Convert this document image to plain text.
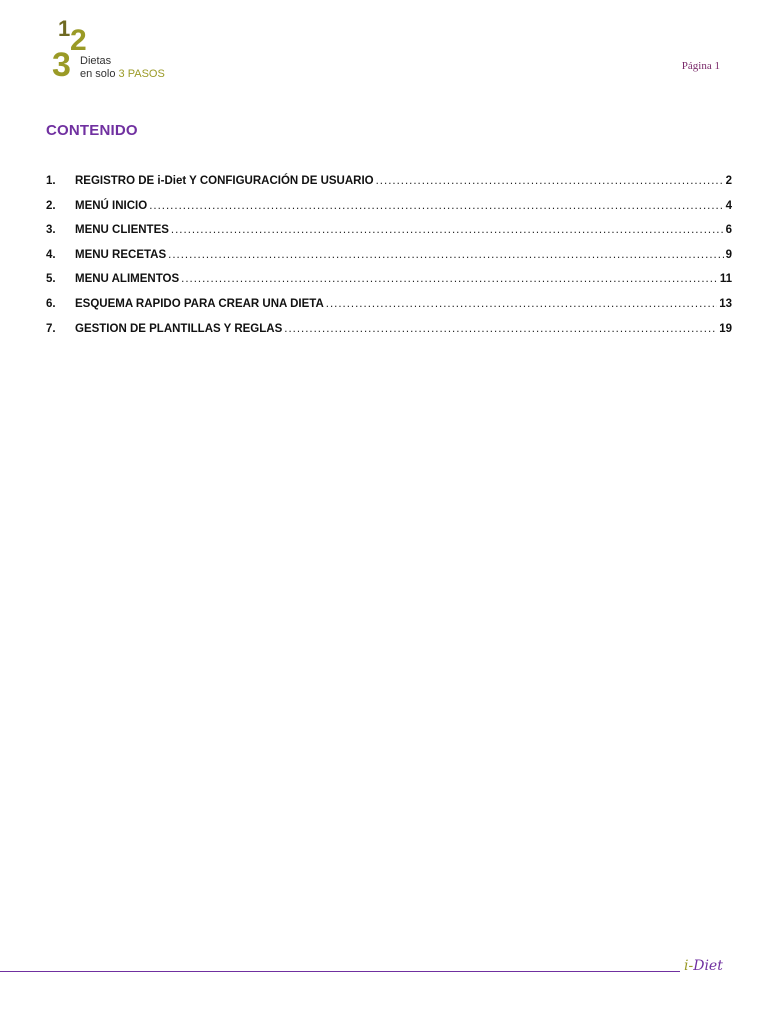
1 2
3 Dietas
en solo 3 PASOS
Página 1
CONTENIDO
1.	REGISTRO DE i-Diet Y CONFIGURACIÓN DE USUARIO .....	2
2.	MENÚ INICIO .....	4
3.	MENU CLIENTES .....	6
4.	MENU RECETAS .....	9
5.	MENU ALIMENTOS .....	11
6.	ESQUEMA RAPIDO PARA CREAR UNA DIETA .....	13
7.	GESTION DE PLANTILLAS Y REGLAS .....	19
i-Diet
